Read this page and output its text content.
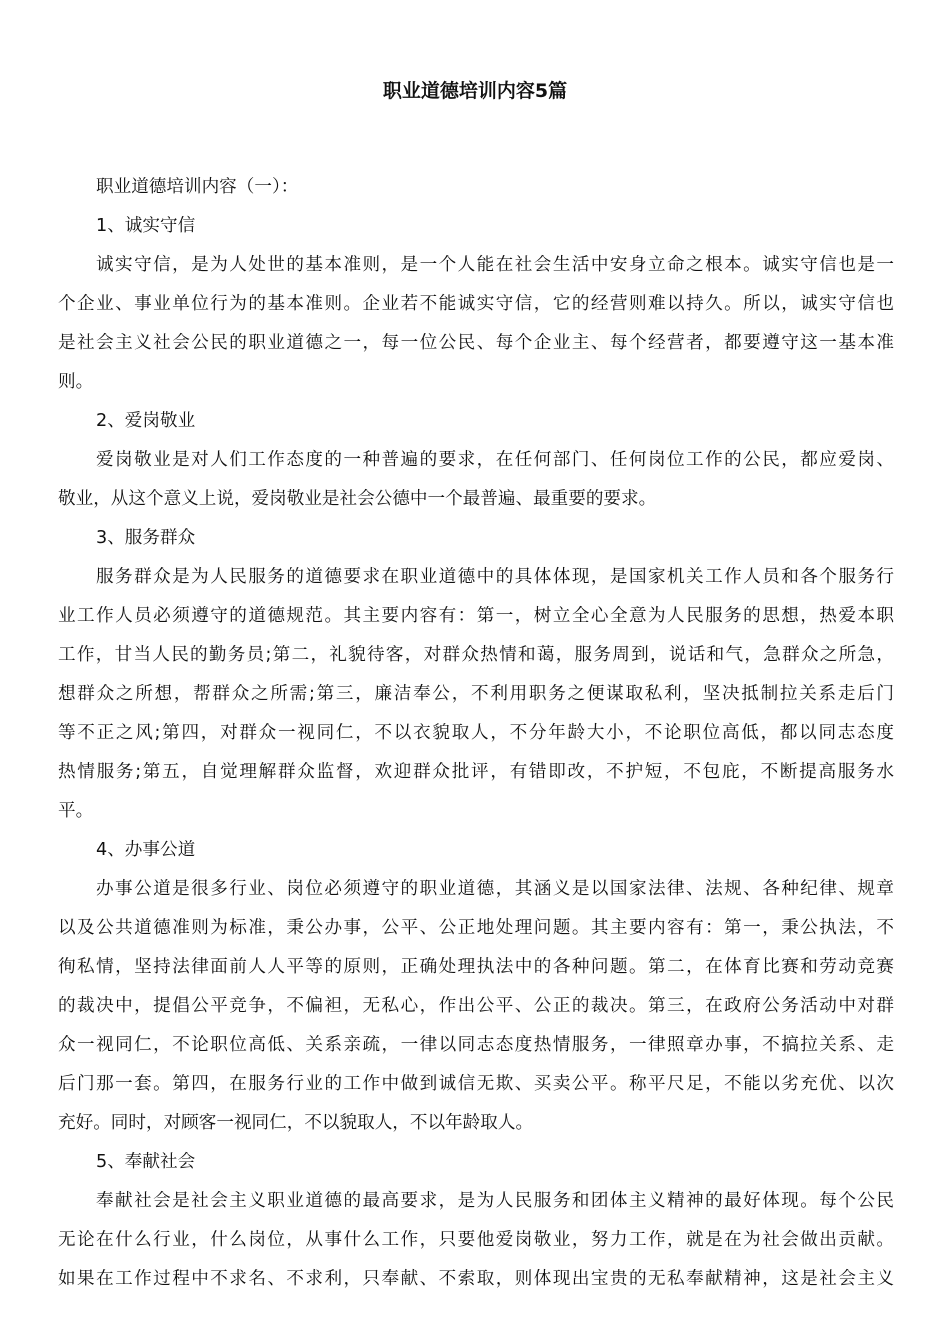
职业道德培训内容5篇

职业道德培训内容（一）：

1、诚实守信

诚实守信，是为人处世的基本准则，是一个人能在社会生活中安身立命之根本。诚实守信也是一

个企业、事业单位行为的基本准则。企业若不能诚实守信，它的经营则难以持久。所以，诚实守信也

是社会主义社会公民的职业道德之一，每一位公民、每个企业主、每个经营者，都要遵守这一基本准

则。

2、爱岗敬业

爱岗敬业是对人们工作态度的一种普遍的要求，在任何部门、任何岗位工作的公民，都应爱岗、

敬业，从这个意义上说，爱岗敬业是社会公德中一个最普遍、最重要的要求。

3、服务群众

服务群众是为人民服务的道德要求在职业道德中的具体体现，是国家机关工作人员和各个服务行

业工作人员必须遵守的道德规范。其主要内容有：第一，树立全心全意为人民服务的思想，热爱本职

工作，甘当人民的勤务员;第二，礼貌待客，对群众热情和蔼，服务周到，说话和气，急群众之所急，

想群众之所想，帮群众之所需;第三，廉洁奉公，不利用职务之便谋取私利，坚决抵制拉关系走后门

等不正之风;第四，对群众一视同仁，不以衣貌取人，不分年龄大小，不论职位高低，都以同志态度

热情服务;第五，自觉理解群众监督，欢迎群众批评，有错即改，不护短，不包庇，不断提高服务水

平。

4、办事公道

办事公道是很多行业、岗位必须遵守的职业道德，其涵义是以国家法律、法规、各种纪律、规章

以及公共道德准则为标准，秉公办事，公平、公正地处理问题。其主要内容有：第一，秉公执法，不

徇私情，坚持法律面前人人平等的原则，正确处理执法中的各种问题。第二，在体育比赛和劳动竞赛

的裁决中，提倡公平竞争，不偏袒，无私心，作出公平、公正的裁决。第三，在政府公务活动中对群

众一视同仁，不论职位高低、关系亲疏，一律以同志态度热情服务，一律照章办事，不搞拉关系、走

后门那一套。第四，在服务行业的工作中做到诚信无欺、买卖公平。称平尺足，不能以劣充优、以次

充好。同时，对顾客一视同仁，不以貌取人，不以年龄取人。

5、奉献社会

奉献社会是社会主义职业道德的最高要求，是为人民服务和团体主义精神的最好体现。每个公民

无论在什么行业，什么岗位，从事什么工作，只要他爱岗敬业，努力工作，就是在为社会做出贡献。

如果在工作过程中不求名、不求利，只奉献、不索取，则体现出宝贵的无私奉献精神，这是社会主义
